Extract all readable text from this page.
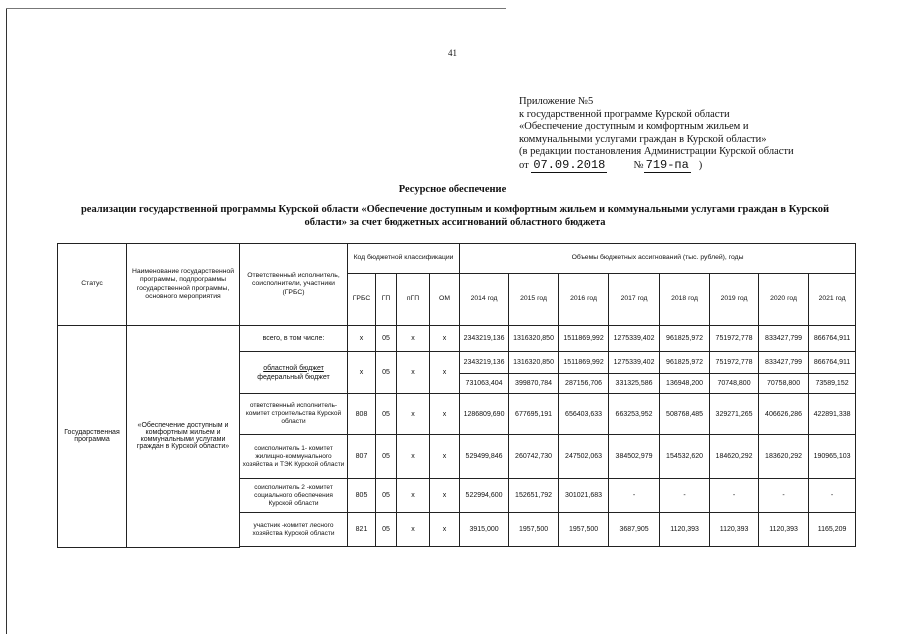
41
Приложение №5
к государственной программе Курской области
«Обеспечение доступным и комфортным жильем и
коммунальными услугами граждан в Курской области»
(в редакции постановления Администрации Курской области
от 07.09.2018	№ 719-па )
Ресурсное обеспечение
реализации государственной программы Курской области «Обеспечение доступным и комфортным жильем и коммунальными услугами граждан в Курской области» за счет бюджетных ассигнований областного бюджета
Статус	Наименование государственной программы, подпрограммы государственной программы, основного мероприятия	Ответственный исполнитель, соисполнители, участники (ГРБС)	Код бюджетной классификации				Объемы бюджетных ассигнований (тыс. рублей), годы							
			ГРБС	ГП	пГП	ОМ	2014 год	2015 год	2016 год	2017 год	2018 год	2019 год	2020 год	2021 год
Государственная программа	«Обеспечение доступным и комфортным жильем и коммунальными услугами граждан в Курской области»	всего, в том числе:	х	05	х	х	2343219,136	1316320,850	1511869,992	1275339,402	961825,972	751972,778	833427,799	866764,911

		областной бюджет
федеральный бюджет	х	05	х	х	2343219,136	1316320,850	1511869,992	1275339,402	961825,972	751972,778	833427,799	866764,911
							731063,404	399870,784	287156,706	331325,586	136948,200	70748,800	70758,800	73589,152
		ответственный исполнитель-комитет строительства Курской области	808	05	х	х	1286809,690	677695,191	656403,633	663253,952	508768,485	329271,265	406626,286	422891,338
		соисполнитель 1- комитет жилищно-коммунального хозяйства и ТЭК Курской области	807	05	х	х	529499,846	260742,730	247502,063	384502,979	154532,620	184620,292	183620,292	190965,103
		соисполнитель 2 -комитет социального обеспечения Курской области	805	05	х	х	522994,600	152651,792	301021,683	-	-	-	-	-
		участник -комитет лесного хозяйства Курской области	821	05	х	х	3915,000	1957,500	1957,500	3687,905	1120,393	1120,393	1120,393	1165,209
